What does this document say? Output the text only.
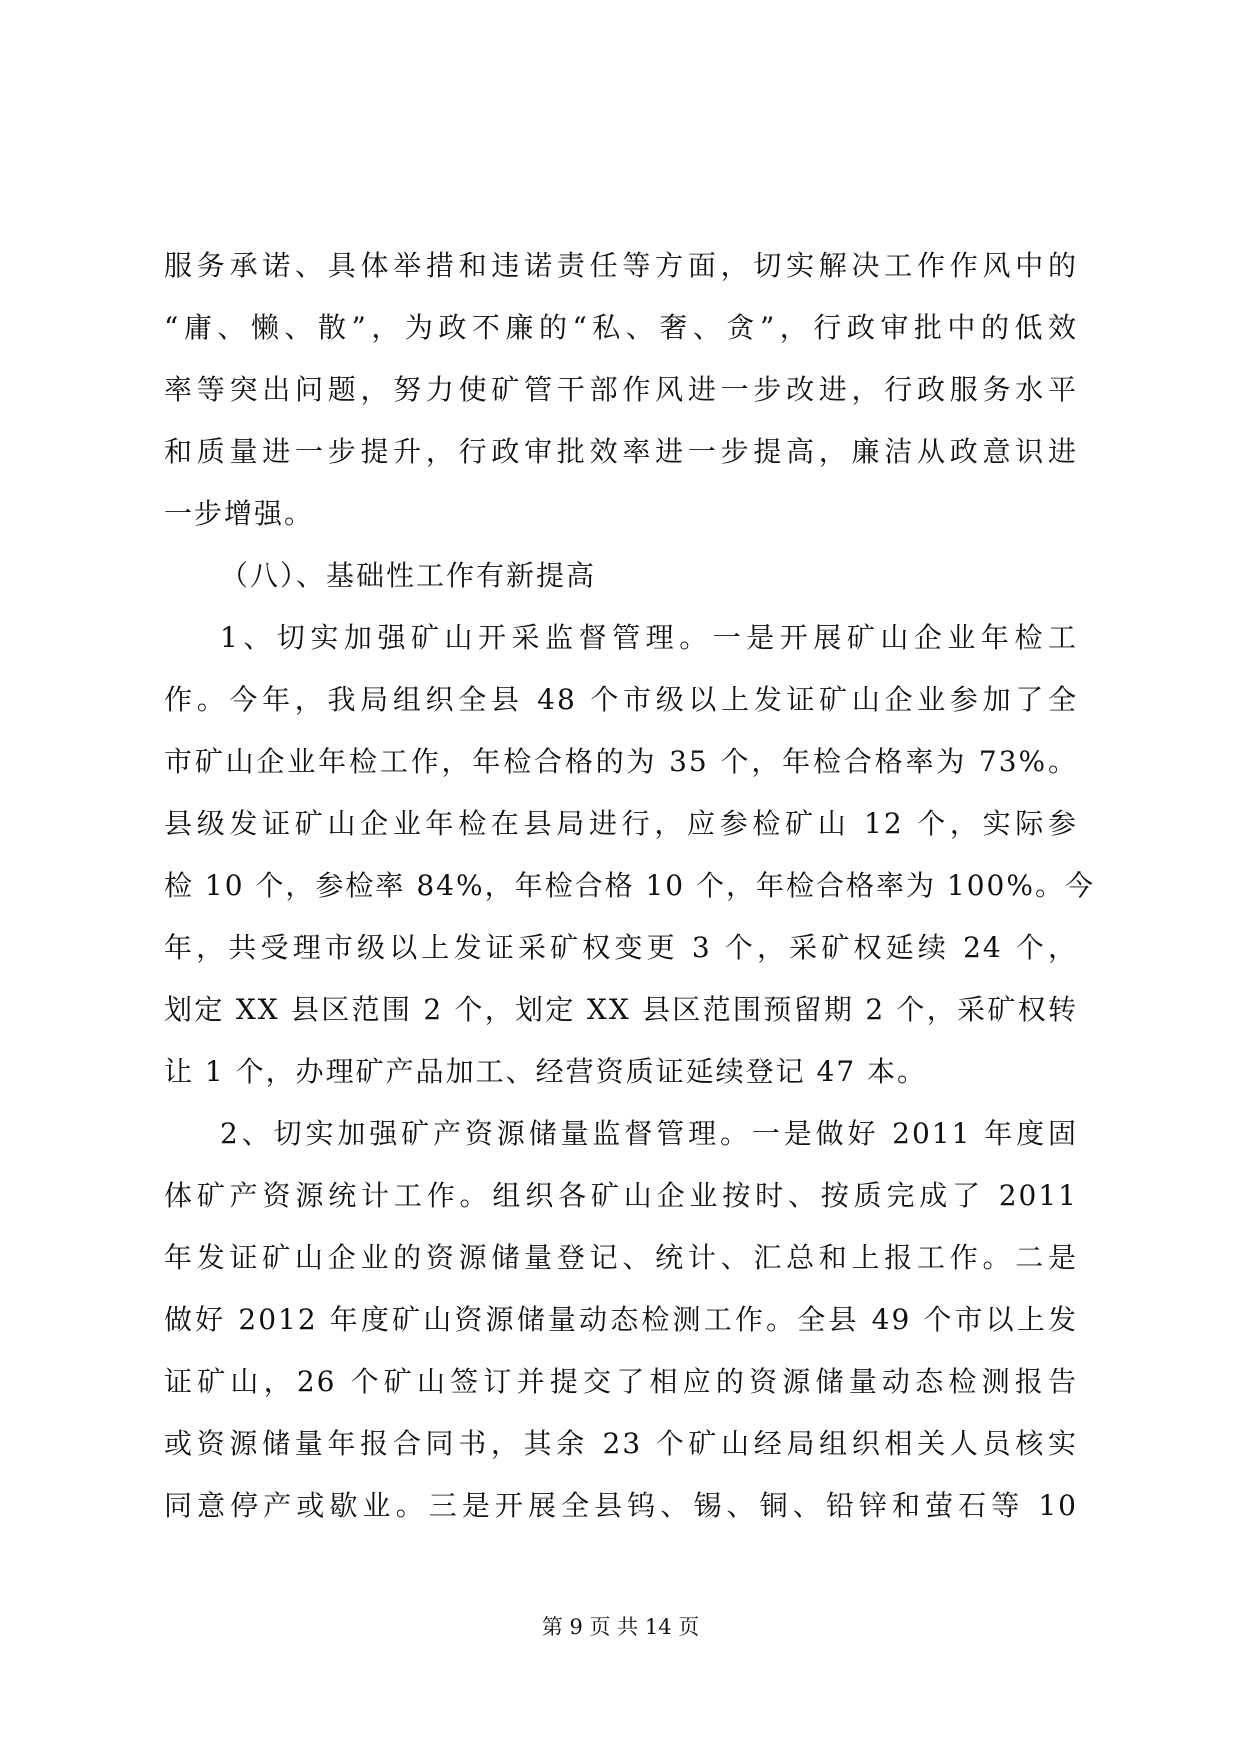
服务承诺、具体举措和违诺责任等方面，切实解决工作作风中的
“庸、懒、散”，为政不廉的“私、奢、贪”，行政审批中的低效
率等突出问题，努力使矿管干部作风进一步改进，行政服务水平
和质量进一步提升，行政审批效率进一步提高，廉洁从政意识进
一步增强。
（八）、基础性工作有新提高
1、切实加强矿山开采监督管理。一是开展矿山企业年检工
作。今年，我局组织全县 48 个市级以上发证矿山企业参加了全
市矿山企业年检工作，年检合格的为 35 个，年检合格率为 73%。
县级发证矿山企业年检在县局进行，应参检矿山 12 个，实际参
检 10 个，参检率 84%，年检合格 10 个，年检合格率为 100%。今
年，共受理市级以上发证采矿权变更 3 个，采矿权延续 24 个，
划定 XX 县区范围 2 个，划定 XX 县区范围预留期 2 个，采矿权转
让 1 个，办理矿产品加工、经营资质证延续登记 47 本。
2、切实加强矿产资源储量监督管理。一是做好 2011 年度固
体矿产资源统计工作。组织各矿山企业按时、按质完成了 2011
年发证矿山企业的资源储量登记、统计、汇总和上报工作。二是
做好 2012 年度矿山资源储量动态检测工作。全县 49 个市以上发
证矿山，26 个矿山签订并提交了相应的资源储量动态检测报告
或资源储量年报合同书，其余 23 个矿山经局组织相关人员核实
同意停产或歇业。三是开展全县钨、锡、铜、铅锌和萤石等 10
第 9 页 共 14 页
